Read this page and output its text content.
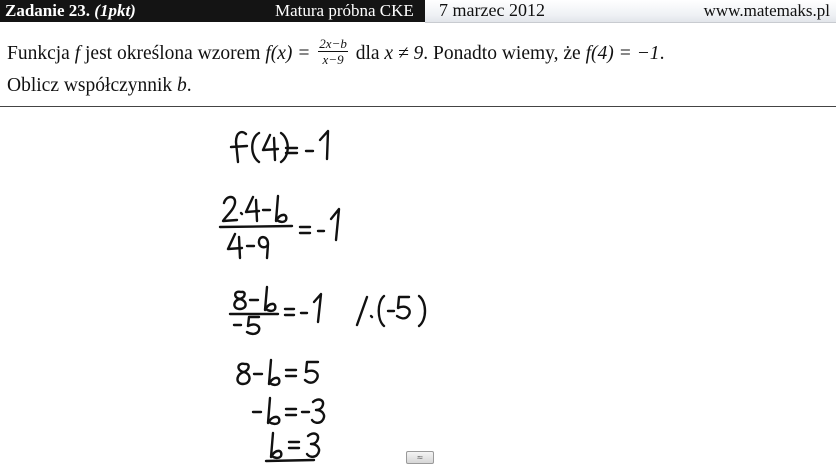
Zadanie 23. (1pkt)	Matura próbna CKE 7 marzec 2012	www.matemaks.pl
Funkcja f jest określona wzorem $f(x) = \frac{2x-b}{x-9}$ dla x ≠ 9. Ponadto wiemy, że f(4) = −1.
Oblicz współczynnik b.
≈
